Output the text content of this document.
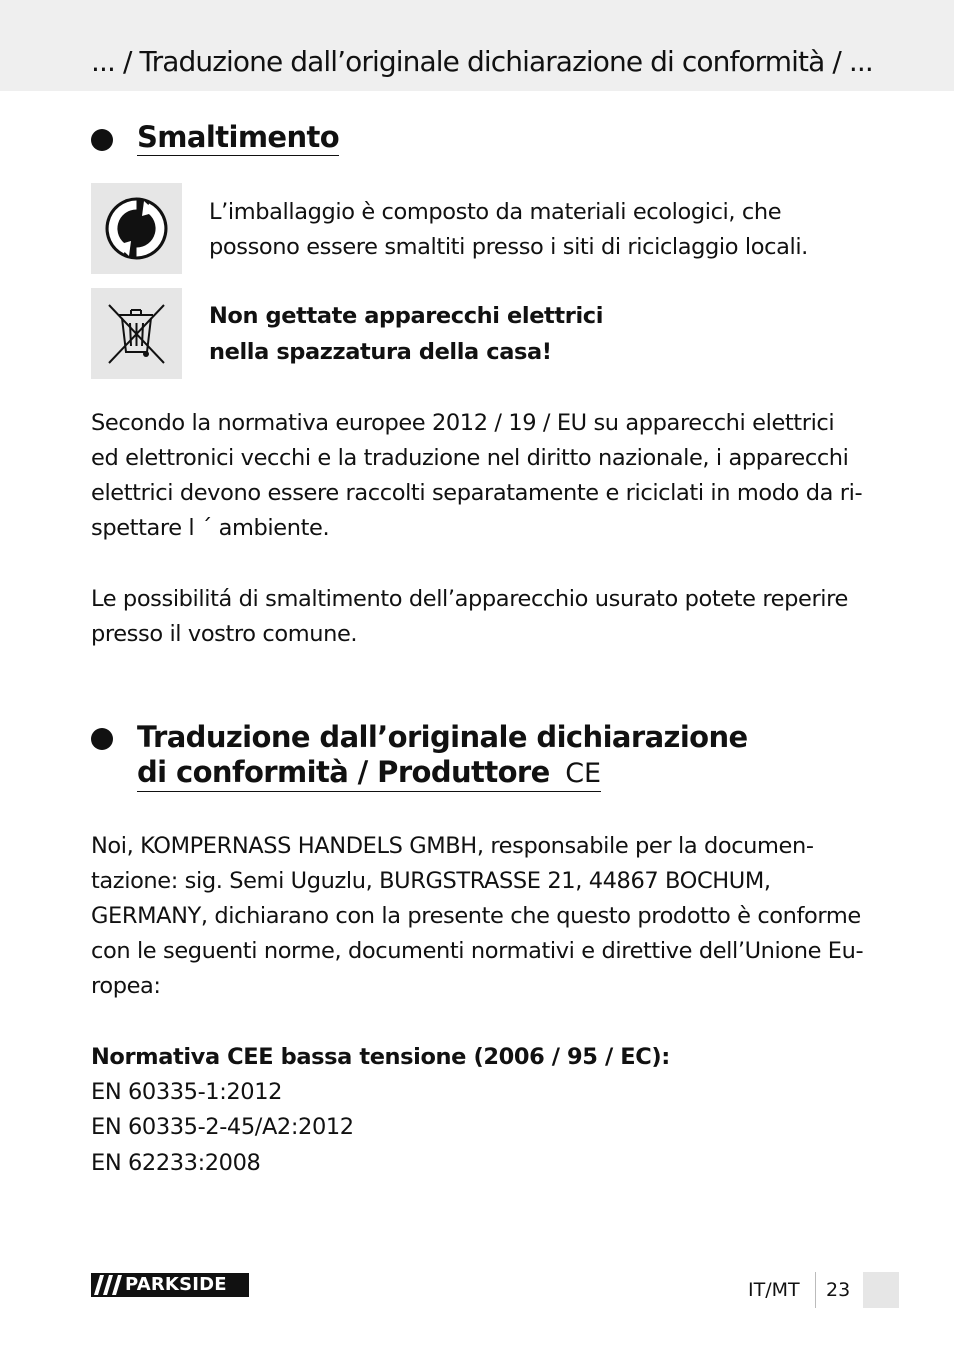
... / Traduzione dall’originale dichiarazione di conformità / ...
Smaltimento
L’imballaggio è composto da materiali ecologici, che
possono essere smaltiti presso i siti di riciclaggio locali.
Non gettate apparecchi elettrici
nella spazzatura della casa!
Secondo la normativa europee 2012 / 19 / EU su apparecchi elettrici
ed elettronici vecchi e la traduzione nel diritto nazionale, i apparecchi
elettrici devono essere raccolti separatamente e riciclati in modo da ri-
spettare l ´ ambiente.
Le possibilitá di smaltimento dell’apparecchio usurato potete reperire
presso il vostro comune.
Traduzione dall’originale dichiarazione
di conformità / Produttore CE
Noi, KOMPERNASS HANDELS GMBH, responsabile per la documen-
tazione: sig. Semi Uguzlu, BURGSTRASSE 21, 44867 BOCHUM,
GERMANY, dichiarano con la presente che questo prodotto è conforme
con le seguenti norme, documenti normativi e direttive dell’Unione Eu-
ropea:
Normativa CEE bassa tensione (2006 / 95 / EC):
EN 60335-1:2012
EN 60335-2-45/A2:2012
EN 62233:2008
PARKSIDE	IT/MT 23
